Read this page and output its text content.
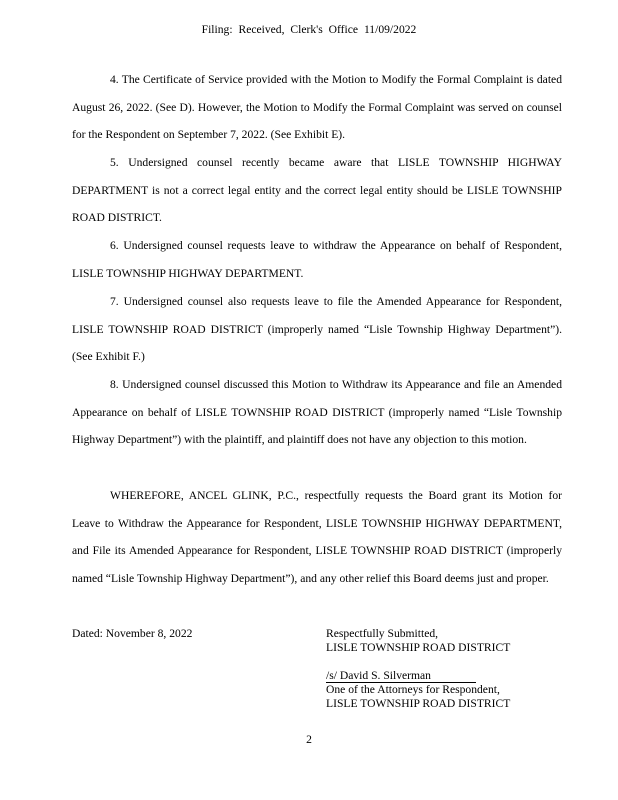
Filing: Received, Clerk's Office 11/09/2022
4. The Certificate of Service provided with the Motion to Modify the Formal Complaint is dated August 26, 2022. (See D). However, the Motion to Modify the Formal Complaint was served on counsel for the Respondent on September 7, 2022. (See Exhibit E).
5. Undersigned counsel recently became aware that LISLE TOWNSHIP HIGHWAY DEPARTMENT is not a correct legal entity and the correct legal entity should be LISLE TOWNSHIP ROAD DISTRICT.
6. Undersigned counsel requests leave to withdraw the Appearance on behalf of Respondent, LISLE TOWNSHIP HIGHWAY DEPARTMENT.
7. Undersigned counsel also requests leave to file the Amended Appearance for Respondent, LISLE TOWNSHIP ROAD DISTRICT (improperly named “Lisle Township Highway Department”). (See Exhibit F.)
8. Undersigned counsel discussed this Motion to Withdraw its Appearance and file an Amended Appearance on behalf of LISLE TOWNSHIP ROAD DISTRICT (improperly named “Lisle Township Highway Department”) with the plaintiff, and plaintiff does not have any objection to this motion.
WHEREFORE, ANCEL GLINK, P.C., respectfully requests the Board grant its Motion for Leave to Withdraw the Appearance for Respondent, LISLE TOWNSHIP HIGHWAY DEPARTMENT, and File its Amended Appearance for Respondent, LISLE TOWNSHIP ROAD DISTRICT (improperly named “Lisle Township Highway Department”), and any other relief this Board deems just and proper.
Dated: November 8, 2022	Respectfully Submitted,
LISLE TOWNSHIP ROAD DISTRICT
/s/ David S. Silverman
One of the Attorneys for Respondent,
LISLE TOWNSHIP ROAD DISTRICT
2
